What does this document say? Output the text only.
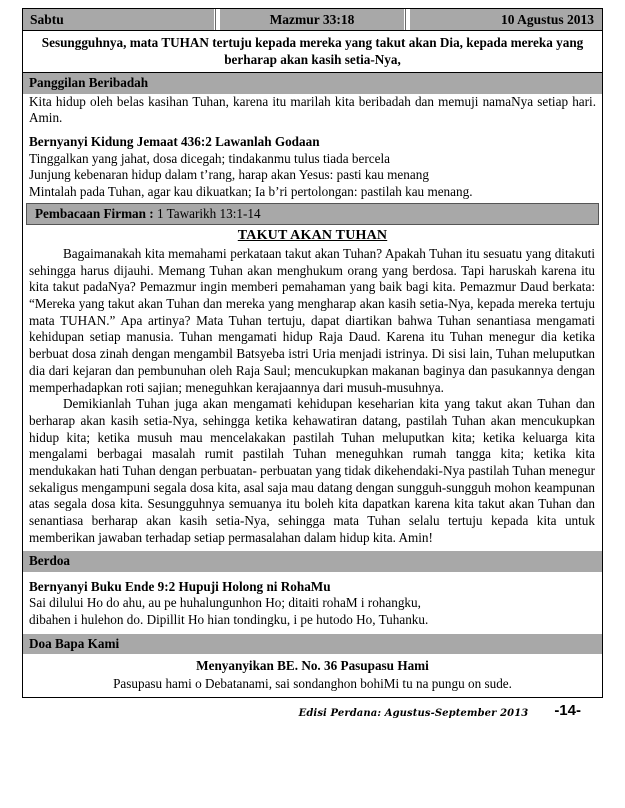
Sabtu	Mazmur 33:18	10 Agustus 2013
Sesungguhnya, mata TUHAN tertuju kepada mereka yang takut akan Dia, kepada mereka yang berharap akan kasih setia-Nya,
Panggilan Beribadah
Kita hidup oleh belas kasihan Tuhan, karena itu marilah kita beribadah dan memuji namaNya setiap hari. Amin.
Bernyanyi Kidung Jemaat 436:2 Lawanlah Godaan
Tinggalkan yang jahat, dosa dicegah; tindakanmu tulus tiada bercela
Junjung kebenaran hidup dalam t’rang, harap akan Yesus: pasti kau menang
Mintalah pada Tuhan, agar kau dikuatkan; Ia b’ri pertolongan: pastilah kau menang.
Pembacaan Firman : 1 Tawarikh 13:1-14
TAKUT AKAN TUHAN
Bagaimanakah kita memahami perkataan takut akan Tuhan? Apakah Tuhan itu sesuatu yang ditakuti sehingga harus dijauhi. Memang Tuhan akan menghukum orang yang berdosa. Tapi haruskah karena itu kita takut padaNya? Pemazmur ingin memberi pemahaman yang baik bagi kita. Pemazmur Daud berkata: “Mereka yang takut akan Tuhan dan mereka yang mengharap akan kasih setia-Nya, kepada mereka tertuju mata TUHAN.” Apa artinya? Mata Tuhan tertuju, dapat diartikan bahwa Tuhan senantiasa mengamati kehidupan setiap manusia. Tuhan mengamati hidup Raja Daud. Karena itu Tuhan menegur dia ketika berbuat dosa zinah dengan mengambil Batsyeba istri Uria menjadi istrinya. Di sisi lain, Tuhan meluputkan dia dari kejaran dan pembunuhan oleh Raja Saul; mencukupkan makanan baginya dan pasukannya dengan memperhadapkan roti sajian; meneguhkan kerajaannya dari musuh-musuhnya.
Demikianlah Tuhan juga akan mengamati kehidupan keseharian kita yang takut akan Tuhan dan berharap akan kasih setia-Nya, sehingga ketika kehawatiran datang, pastilah Tuhan akan mencukupkan hidup kita; ketika musuh mau mencelakakan pastilah Tuhan meluputkan kita; ketika keluarga kita mengalami berbagai masalah rumit pastilah Tuhan meneguhkan rumah tangga kita; ketika kita mendukakan hati Tuhan dengan perbuatan- perbuatan yang tidak dikehendaki-Nya pastilah Tuhan menegur sekaligus mengampuni segala dosa kita, asal saja mau datang dengan sungguh-sungguh mohon keampunan atas segala dosa kita. Sesungguhnya semuanya itu boleh kita dapatkan karena kita takut akan Tuhan dan senantiasa berharap akan kasih setia-Nya, sehingga mata Tuhan selalu tertuju kepada kita untuk memberikan jawaban terhadap setiap permasalahan dalam hidup kita. Amin!
Berdoa
Bernyanyi Buku Ende 9:2 Hupuji Holong ni RohaMu
Sai dilului Ho do ahu, au pe huhalungunhon Ho; ditaiti rohaM i rohangku,
dibahen i hulehon do. Dipillit Ho hian tondingku, i pe hutodo Ho, Tuhanku.
Doa Bapa Kami
Menyanyikan BE. No. 36 Pasupasu Hami
Pasupasu hami o Debatanami, sai sondanghon bohiMi tu na pungu on sude.
Edisi Perdana: Agustus-September 2013 -14-
